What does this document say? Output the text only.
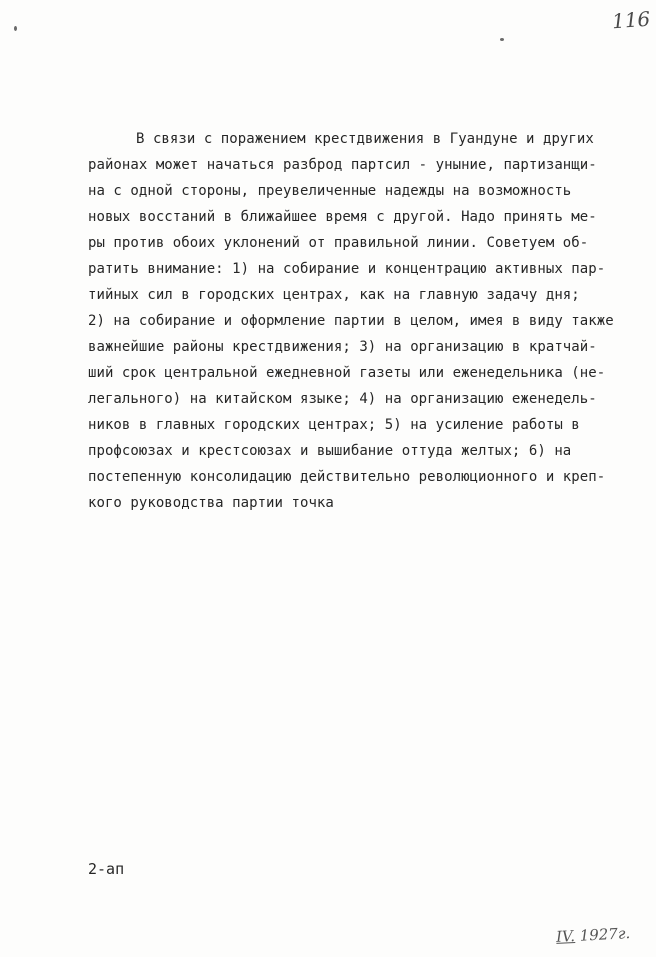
116
В связи с поражением крестдвижения в Гуандуне и других
районах может начаться разброд партсил - уныние, партизанщи-
на с одной стороны, преувеличенные надежды на возможность
новых восстаний в ближайшее время с другой. Надо принять ме-
ры против обоих уклонений от правильной линии. Советуем об-
ратить внимание: 1) на собирание и концентрацию активных пар-
тийных сил в городских центрах, как на главную задачу дня;
2) на собирание и оформление партии в целом, имея в виду также
важнейшие районы крестдвижения; 3) на организацию в кратчай-
ший срок центральной ежедневной газеты или еженедельника (не-
легального) на китайском языке; 4) на организацию еженедель-
ников в главных городских центрах; 5) на усиление работы в
профсоюзах и крестсоюзах и вышибание оттуда желтых; 6) на
постепенную консолидацию действительно революционного и креп-
кого руководства партии точка
2-ап
IV. 1927г.
